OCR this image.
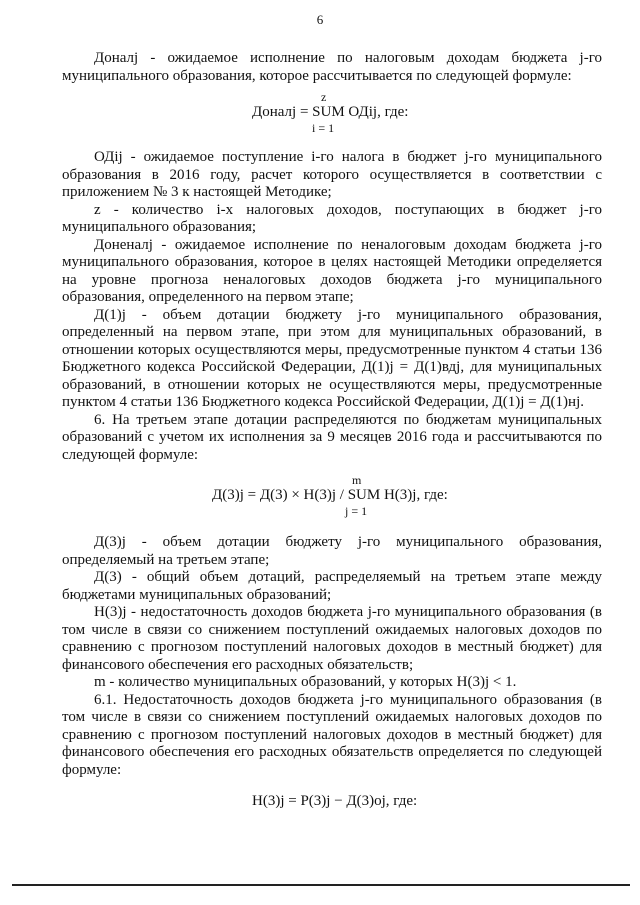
6

Доналj - ожидаемое исполнение по налоговым доходам бюджета j-го муниципального образования, которое рассчитывается по следующей формуле:

z
Доналj = SUM ОДij, где:
i = 1

ОДij - ожидаемое поступление i-го налога в бюджет j-го муниципального образования в 2016 году, расчет которого осуществляется в соответствии с приложением № 3 к настоящей Методике;

z - количество i-х налоговых доходов, поступающих в бюджет j-го муниципального образования;

Доненалj - ожидаемое исполнение по неналоговым доходам бюджета j-го муниципального образования, которое в целях настоящей Методики определяется на уровне прогноза неналоговых доходов бюджета j-го муниципального образования, определенного на первом этапе;

Д(1)j - объем дотации бюджету j-го муниципального образования, определенный на первом этапе, при этом для муниципальных образований, в отношении которых осуществляются меры, предусмотренные пунктом 4 статьи 136 Бюджетного кодекса Российской Федерации, Д(1)j = Д(1)вдj, для муниципальных образований, в отношении которых не осуществляются меры, предусмотренные пунктом 4 статьи 136 Бюджетного кодекса Российской Федерации, Д(1)j = Д(1)нj.

6. На третьем этапе дотации распределяются по бюджетам муниципальных образований с учетом их исполнения за 9 месяцев 2016 года и рассчитываются по следующей формуле:

m
Д(3)j = Д(3) × Н(3)j / SUM Н(3)j, где:
j = 1

Д(3)j - объем дотации бюджету j-го муниципального образования, определяемый на третьем этапе;

Д(3) - общий объем дотаций, распределяемый на третьем этапе между бюджетами муниципальных образований;

Н(3)j - недостаточность доходов бюджета j-го муниципального образования (в том числе в связи со снижением поступлений ожидаемых налоговых доходов по сравнению с прогнозом поступлений налоговых доходов в местный бюджет) для финансового обеспечения его расходных обязательств;

m - количество муниципальных образований, у которых Н(3)j < 1.

6.1. Недостаточность доходов бюджета j-го муниципального образования (в том числе в связи со снижением поступлений ожидаемых налоговых доходов по сравнению с прогнозом поступлений налоговых доходов в местный бюджет) для финансового обеспечения его расходных обязательств определяется по следующей формуле:

Н(3)j = Р(3)j − Д(3)оj, где:
